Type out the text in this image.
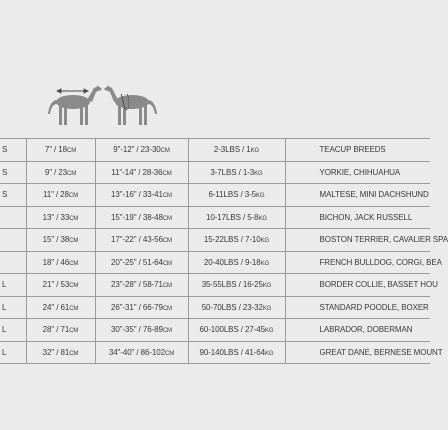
S	7" / 18CM	9"-12" / 23-30CM	2-3LBS / 1KG	TEACUP BREEDS
S	9" / 23CM	11"-14" / 28-36CM	3-7LBS / 1-3KG	YORKIE, CHIHUAHUA
S	11" / 28CM	13"-16" / 33-41CM	6-11LBS / 3-5KG	MALTESE, MINI DACHSHUND
	13" / 33CM	15"-19" / 38-48CM	10-17LBS / 5-8KG	BICHON, JACK RUSSELL
	15" / 38CM	17"-22" / 43-56CM	15-22LBS / 7-10KG	BOSTON TERRIER, CAVALIER SPA
	18" / 46CM	20"-25" / 51-64CM	20-40LBS / 9-18KG	FRENCH BULLDOG, CORGI, BEA
L	21" / 53CM	23"-28" / 58-71CM	35-55LBS / 16-25KG	BORDER COLLIE, BASSET HOU
L	24" / 61CM	26"-31" / 66-79CM	50-70LBS / 23-32KG	STANDARD POODLE, BOXER
L	28" / 71CM	30"-35" / 76-89CM	60-100LBS / 27-45KG	LABRADOR, DOBERMAN
L	32" / 81CM	34"-40" / 86-102CM	90-140LBS / 41-64KG	GREAT DANE, BERNESE MOUNT
